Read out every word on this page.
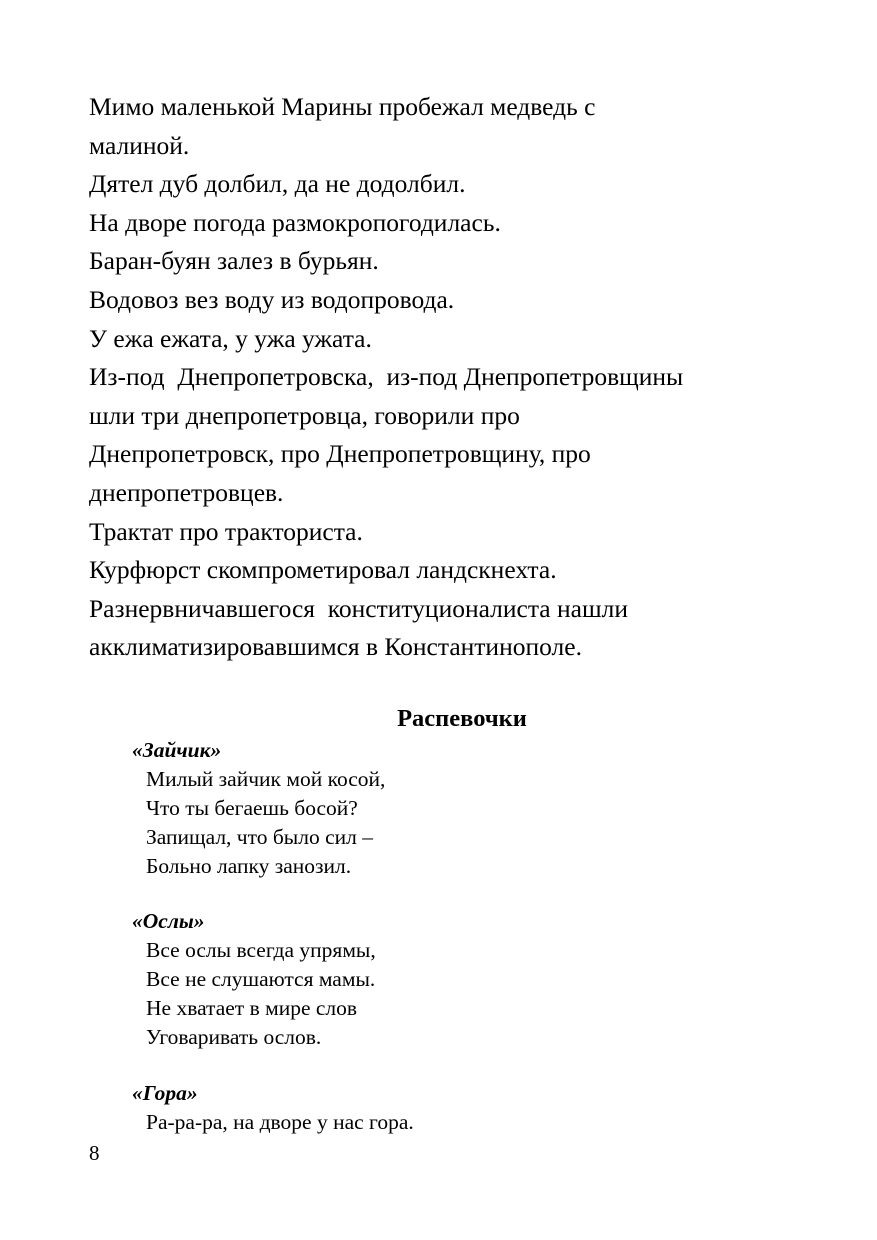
Мимо маленькой Марины пробежал медведь с
малиной.
Дятел дуб долбил, да не додолбил.
На дворе погода размокропогодилась.
Баран-буян залез в бурьян.
Водовоз вез воду из водопровода.
У ежа ежата, у ужа ужата.
Из-под  Днепропетровска,  из-под Днепропетровщины
шли три днепропетровца, говорили про
Днепропетровск, про Днепропетровщину, про
днепропетровцев.
Трактат про тракториста.
Курфюрст скомпрометировал ландскнехта.
Разнервничавшегося  конституционалиста нашли
акклиматизировавшимся в Константинополе.
Распевочки
«Зайчик»
Милый зайчик мой косой,
Что ты бегаешь босой?
Запищал, что было сил –
Больно лапку занозил.
«Ослы»
Все ослы всегда упрямы,
Все не слушаются мамы.
Не хватает в мире слов
Уговаривать ослов.
«Гора»
Ра-ра-ра, на дворе у нас гора.
8
